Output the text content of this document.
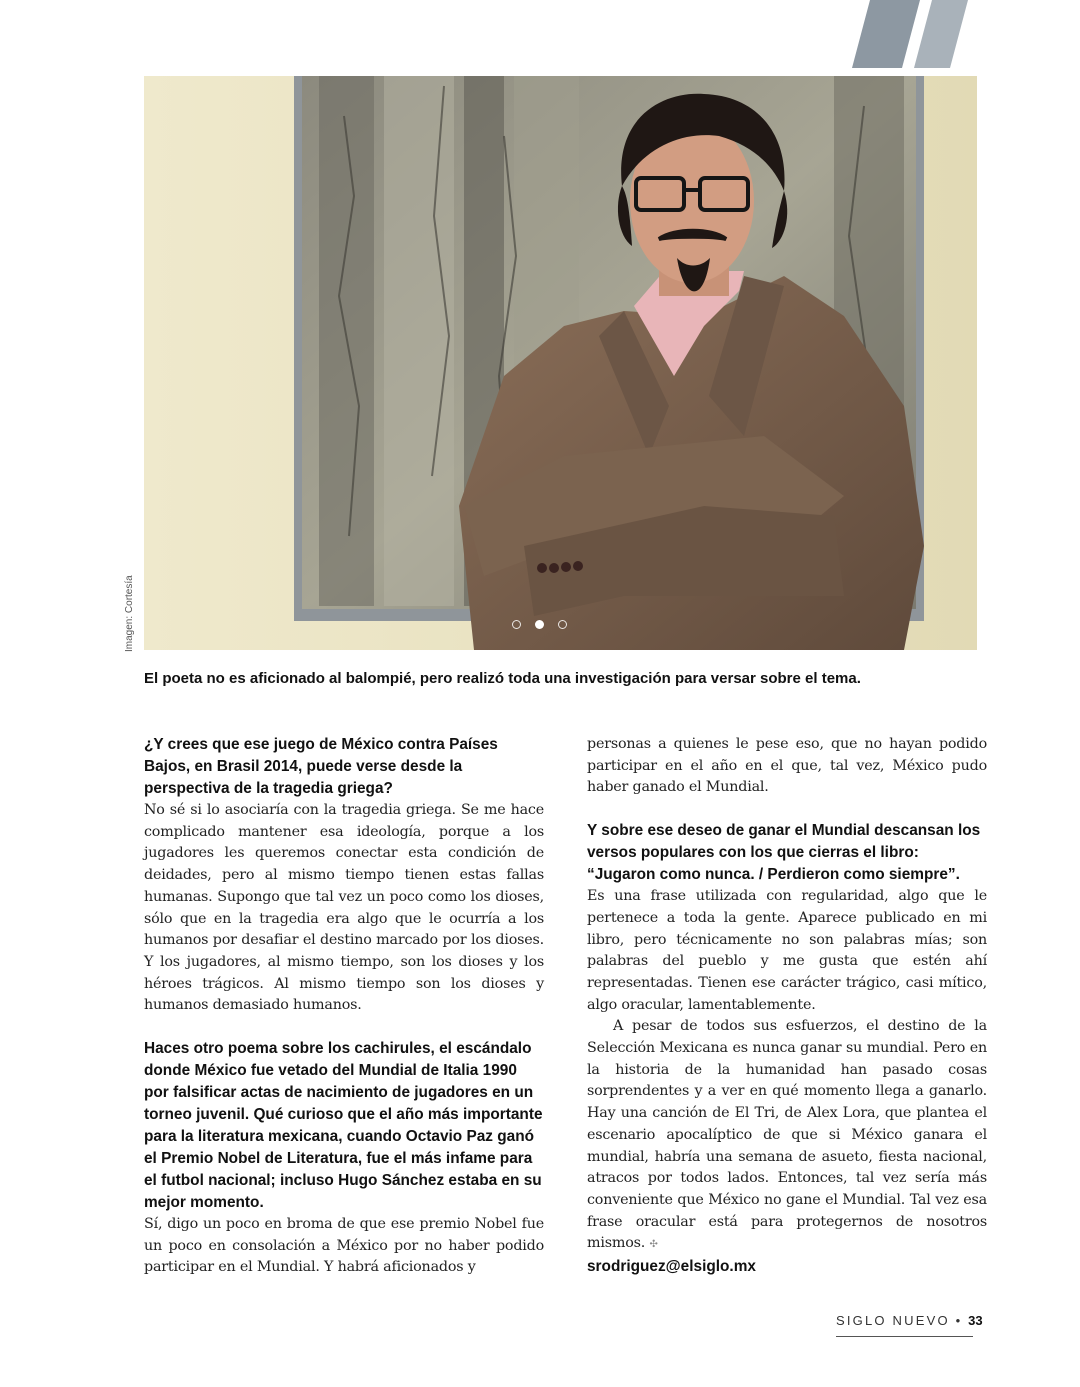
Imagen: Cortesía
El poeta no es aficionado al balompié, pero realizó toda una investigación para versar sobre el tema.

¿Y crees que ese juego de México contra Países Bajos, en Brasil 2014, puede verse desde la perspectiva de la tragedia griega?

No sé si lo asociaría con la tragedia griega. Se me hace complicado mantener esa ideología, porque a los jugadores les queremos conectar esta condición de deidades, pero al mismo tiempo tienen estas fallas humanas. Supongo que tal vez un poco como los dioses, sólo que en la tragedia era algo que le ocurría a los humanos por desafiar el destino marcado por los dioses. Y los jugadores, al mismo tiempo, son los dioses y los héroes trágicos. Al mismo tiempo son los dioses y humanos demasiado humanos.

Haces otro poema sobre los cachirules, el escándalo donde México fue vetado del Mundial de Italia 1990 por falsificar actas de nacimiento de jugadores en un torneo juvenil. Qué curioso que el año más importante para la literatura mexicana, cuando Octavio Paz ganó el Premio Nobel de Literatura, fue el más infame para el futbol nacional; incluso Hugo Sánchez estaba en su mejor momento.

Sí, digo un poco en broma de que ese premio Nobel fue un poco en consolación a México por no haber podido participar en el Mundial. Y habrá aficionados y

personas a quienes le pese eso, que no hayan podido participar en el año en el que, tal vez, México pudo haber ganado el Mundial.

Y sobre ese deseo de ganar el Mundial descansan los versos populares con los que cierras el libro: “Jugaron como nunca. / Perdieron como siempre”.

Es una frase utilizada con regularidad, algo que le pertenece a toda la gente. Aparece publicado en mi libro, pero técnicamente no son palabras mías; son palabras del pueblo y me gusta que estén ahí representadas. Tienen ese carácter trágico, casi mítico, algo oracular, lamentablemente.

A pesar de todos sus esfuerzos, el destino de la Selección Mexicana es nunca ganar su mundial. Pero en la historia de la humanidad han pasado cosas sorprendentes y a ver en qué momento llega a ganarlo. Hay una canción de El Tri, de Alex Lora, que plantea el escenario apocalíptico de que si México ganara el mundial, habría una semana de asueto, fiesta nacional, atracos por todos lados. Entonces, tal vez sería más conveniente que México no gane el Mundial. Tal vez esa frase oracular está para protegernos de nosotros mismos. ✣

srodriguez@elsiglo.mx

SIGLO NUEVO • 33
